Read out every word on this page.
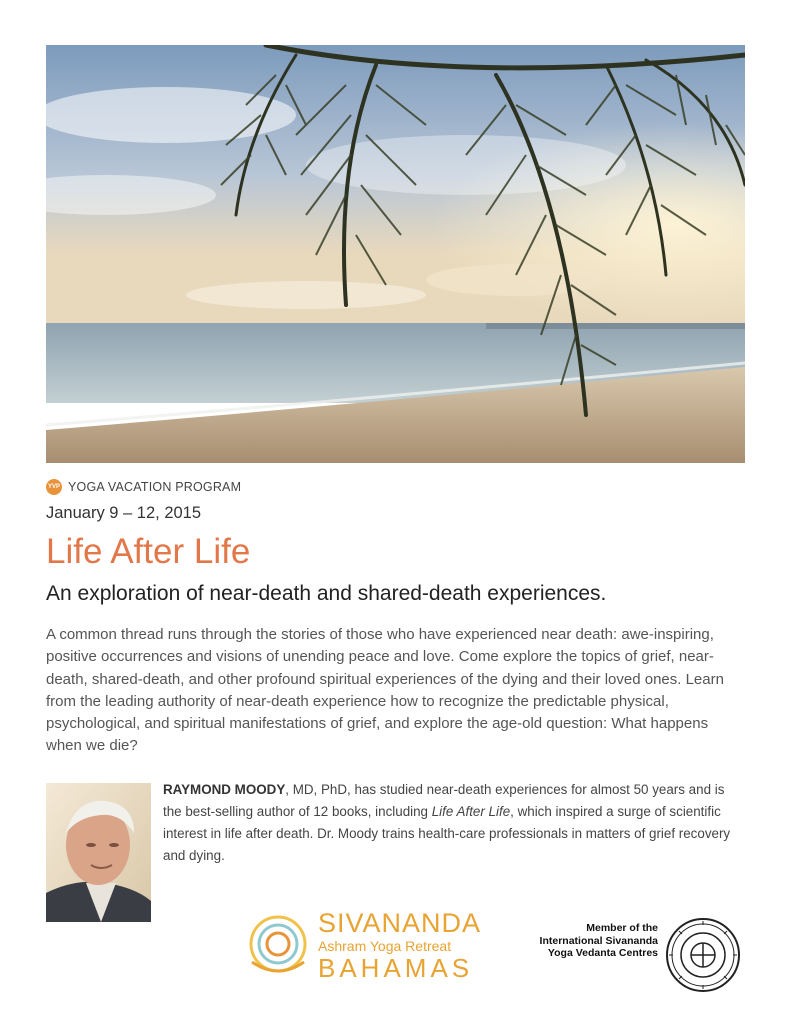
YVP YOGA VACATION PROGRAM
January 9 – 12, 2015
Life After Life
An exploration of near-death and shared-death experiences.
A common thread runs through the stories of those who have experienced near death: awe-inspiring, positive occurrences and visions of unending peace and love. Come explore the topics of grief, near-death, shared-death, and other profound spiritual experiences of the dying and their loved ones. Learn from the leading authority of near-death experience how to recognize the predictable physical, psychological, and spiritual manifestations of grief, and explore the age-old question: What happens when we die?
RAYMOND MOODY, MD, PhD, has studied near-death experiences for almost 50 years and is the best-selling author of 12 books, including Life After Life, which inspired a surge of scientific interest in life after death. Dr. Moody trains health-care professionals in matters of grief recovery and dying.
SIVANANDA
Ashram Yoga Retreat
BAHAMAS
Member of the
International Sivananda
Yoga Vedanta Centres
